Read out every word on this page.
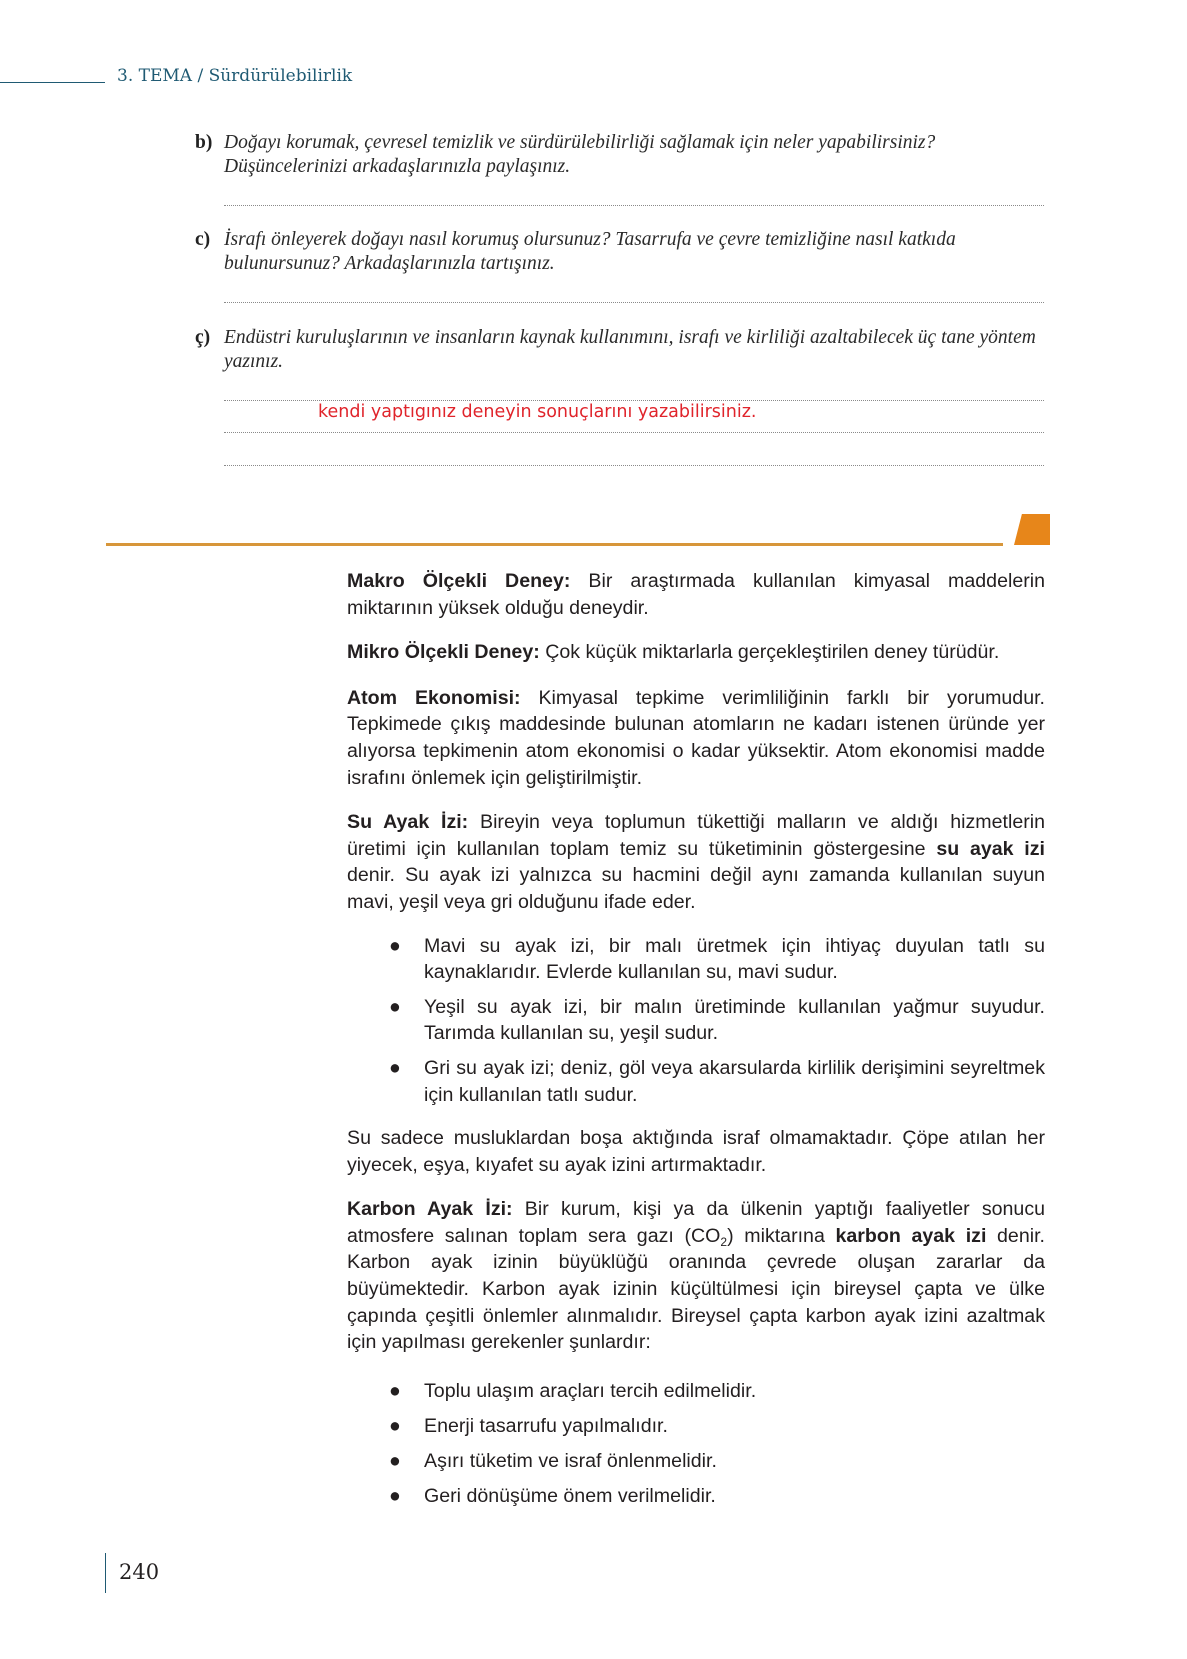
3. TEMA / Sürdürülebilirlik
b) Doğayı korumak, çevresel temizlik ve sürdürülebilirliği sağlamak için neler yapabilirsiniz? Düşüncelerinizi arkadaşlarınızla paylaşınız.
c) İsrafı önleyerek doğayı nasıl korumuş olursunuz? Tasarrufa ve çevre temizliğine nasıl katkıda bulunursunuz? Arkadaşlarınızla tartışınız.
ç) Endüstri kuruluşlarının ve insanların kaynak kullanımını, israfı ve kirliliği azaltabilecek üç tane yöntem yazınız.
kendi yaptıgınız deneyin sonuçlarını yazabilirsiniz.

Makro Ölçekli Deney: Bir araştırmada kullanılan kimyasal maddelerin miktarının yüksek olduğu deneydir.

Mikro Ölçekli Deney: Çok küçük miktarlarla gerçekleştirilen deney türüdür.

Atom Ekonomisi: Kimyasal tepkime verimliliğinin farklı bir yorumudur. Tepkimede çıkış maddesinde bulunan atomların ne kadarı istenen üründe yer alıyorsa tepkimenin atom ekonomisi o kadar yüksektir. Atom ekonomisi madde israfını önlemek için geliştirilmiştir.

Su Ayak İzi: Bireyin veya toplumun tükettiği malların ve aldığı hizmetlerin üretimi için kullanılan toplam temiz su tüketiminin göstergesine su ayak izi denir. Su ayak izi yalnızca su hacmini değil aynı zamanda kullanılan suyun mavi, yeşil veya gri olduğunu ifade eder.

● Mavi su ayak izi, bir malı üretmek için ihtiyaç duyulan tatlı su kaynaklarıdır. Evlerde kullanılan su, mavi sudur.
● Yeşil su ayak izi, bir malın üretiminde kullanılan yağmur suyudur. Tarımda kullanılan su, yeşil sudur.
● Gri su ayak izi; deniz, göl veya akarsularda kirlilik derişimini seyreltmek için kullanılan tatlı sudur.

Su sadece musluklardan boşa aktığında israf olmamaktadır. Çöpe atılan her yiyecek, eşya, kıyafet su ayak izini artırmaktadır.

Karbon Ayak İzi: Bir kurum, kişi ya da ülkenin yaptığı faaliyetler sonucu atmosfere salınan toplam sera gazı $(CO_2)$ miktarına karbon ayak izi denir. Karbon ayak izinin büyüklüğü oranında çevrede oluşan zararlar da büyümektedir. Karbon ayak izinin küçültülmesi için bireysel çapta ve ülke çapında çeşitli önlemler alınmalıdır. Bireysel çapta karbon ayak izini azaltmak için yapılması gerekenler şunlardır:

● Toplu ulaşım araçları tercih edilmelidir.
● Enerji tasarrufu yapılmalıdır.
● Aşırı tüketim ve israf önlenmelidir.
● Geri dönüşüme önem verilmelidir.
240
